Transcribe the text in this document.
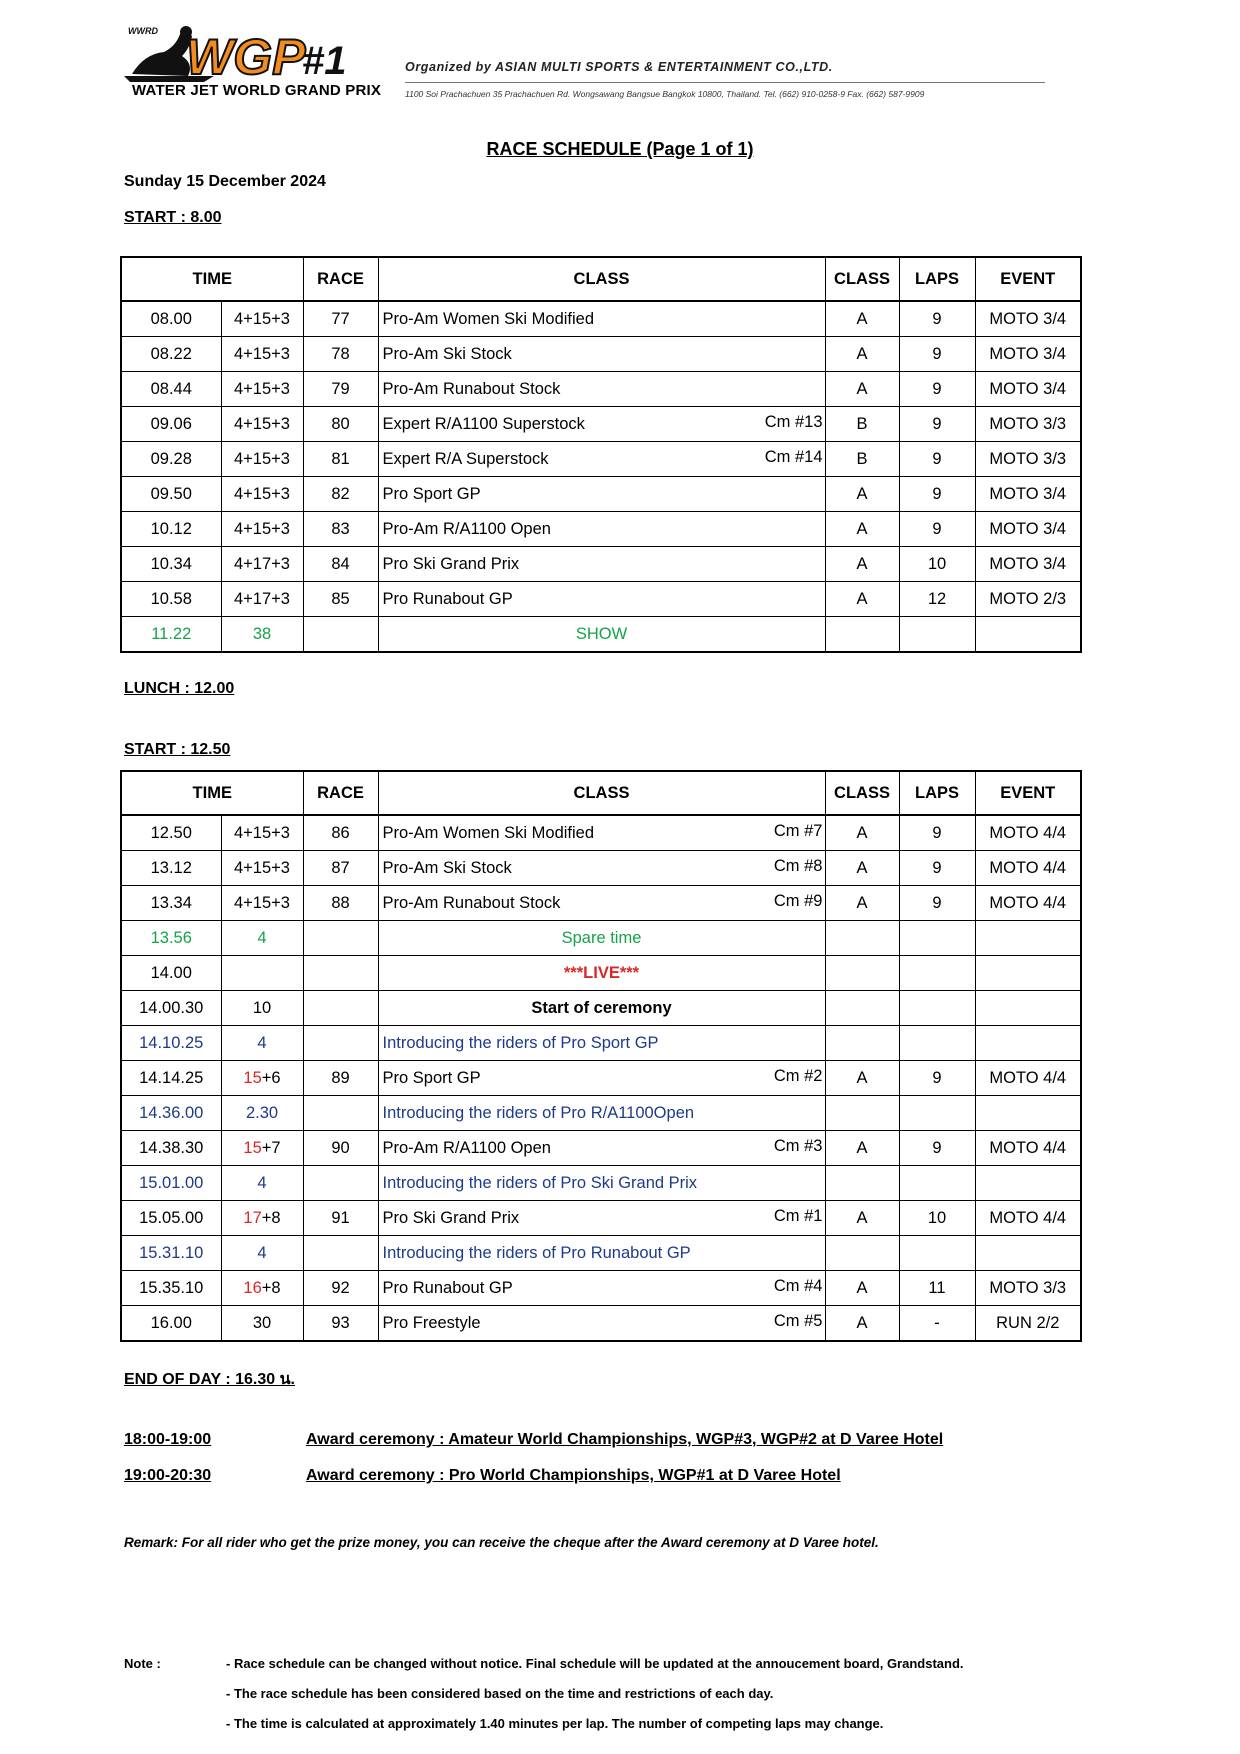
WGP
#1
WWRD
WATER JET WORLD GRAND PRIX
Organized by ASIAN MULTI SPORTS & ENTERTAINMENT CO.,LTD.
1100 Soi Prachachuen 35 Prachachuen Rd. Wongsawang Bangsue Bangkok 10800, Thailand. Tel. (662) 910-0258-9 Fax. (662) 587-9909
RACE SCHEDULE (Page 1 of 1)
Sunday 15 December 2024
START : 8.00
TIME		RACE	CLASS	CLASS	LAPS	EVENT
08.00	4+15+3	77	Pro-Am Women Ski Modified	A	9	MOTO 3/4
08.22	4+15+3	78	Pro-Am Ski Stock	A	9	MOTO 3/4
08.44	4+15+3	79	Pro-Am Runabout Stock	A	9	MOTO 3/4
09.06	4+15+3	80	Expert R/A1100 Superstock Cm #13	B	9	MOTO 3/3
09.28	4+15+3	81	Expert R/A Superstock Cm #14	B	9	MOTO 3/3
09.50	4+15+3	82	Pro Sport GP	A	9	MOTO 3/4
10.12	4+15+3	83	Pro-Am R/A1100 Open	A	9	MOTO 3/4
10.34	4+17+3	84	Pro Ski Grand Prix	A	10	MOTO 3/4
10.58	4+17+3	85	Pro Runabout GP	A	12	MOTO 2/3
11.22	38		SHOW			
LUNCH : 12.00
START : 12.50
TIME		RACE	CLASS	CLASS	LAPS	EVENT
12.50	4+15+3	86	Pro-Am Women Ski Modified Cm #7	A	9	MOTO 4/4
13.12	4+15+3	87	Pro-Am Ski Stock Cm #8	A	9	MOTO 4/4
13.34	4+15+3	88	Pro-Am Runabout Stock Cm #9	A	9	MOTO 4/4
13.56	4		Spare time			
14.00			***LIVE***			
14.00.30	10		Start of ceremony			
14.10.25	4		Introducing the riders of Pro Sport GP			
14.14.25	15+6	89	Pro Sport GP Cm #2	A	9	MOTO 4/4
14.36.00	2.30		Introducing the riders of Pro R/A1100Open			
14.38.30	15+7	90	Pro-Am R/A1100 Open Cm #3	A	9	MOTO 4/4
15.01.00	4		Introducing the riders of Pro Ski Grand Prix			
15.05.00	17+8	91	Pro Ski Grand Prix Cm #1	A	10	MOTO 4/4
15.31.10	4		Introducing the riders of Pro Runabout GP			
15.35.10	16+8	92	Pro Runabout GP Cm #4	A	11	MOTO 3/3
16.00	30	93	Pro Freestyle Cm #5	A	-	RUN 2/2
END OF DAY : 16.30 น.
18:00-19:00	Award ceremony : Amateur World Championships, WGP#3, WGP#2 at D Varee Hotel
19:00-20:30	Award ceremony : Pro World Championships, WGP#1 at D Varee Hotel
Remark: For all rider who get the prize money, you can receive the cheque after the Award ceremony at D Varee hotel.
Note :	- Race schedule can be changed without notice. Final schedule will be updated at the annoucement board, Grandstand.
- The race schedule has been considered based on the time and restrictions of each day.
- The time is calculated at approximately 1.40 minutes per lap. The number of competing laps may change.
